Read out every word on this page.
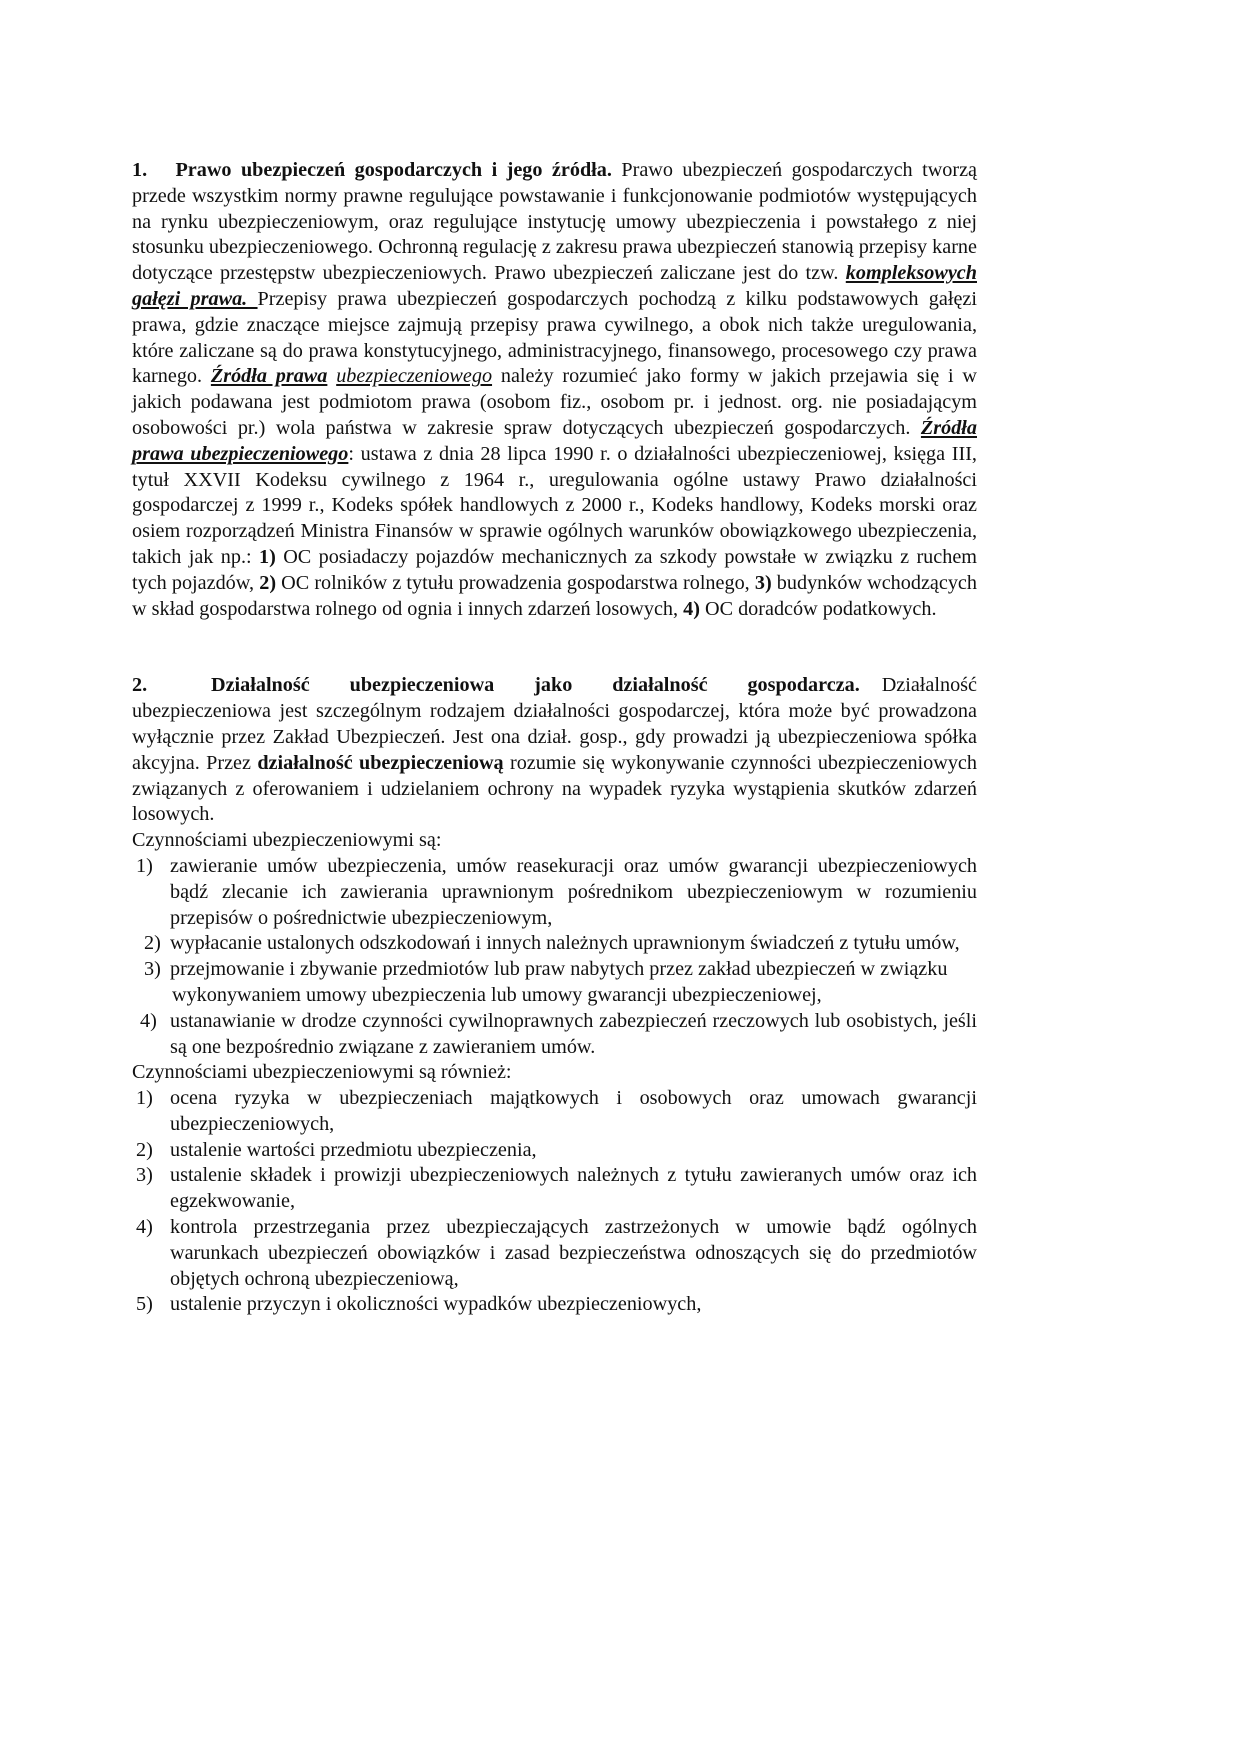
1. Prawo ubezpieczeń gospodarczych i jego źródła. Prawo ubezpieczeń gospodarczych tworzą przede wszystkim normy prawne regulujące powstawanie i funkcjonowanie podmiotów występujących na rynku ubezpieczeniowym, oraz regulujące instytucję umowy ubezpieczenia i powstałego z niej stosunku ubezpieczeniowego. Ochronną regulację z zakresu prawa ubezpieczeń stanowią przepisy karne dotyczące przestępstw ubezpieczeniowych. Prawo ubezpieczeń zaliczane jest do tzw. kompleksowych gałęzi prawa. Przepisy prawa ubezpieczeń gospodarczych pochodzą z kilku podstawowych gałęzi prawa, gdzie znaczące miejsce zajmują przepisy prawa cywilnego, a obok nich także uregulowania, które zaliczane są do prawa konstytucyjnego, administracyjnego, finansowego, procesowego czy prawa karnego. Źródła prawa ubezpieczeniowego należy rozumieć jako formy w jakich przejawia się i w jakich podawana jest podmiotom prawa (osobom fiz., osobom pr. i jednost. org. nie posiadającym osobowości pr.) wola państwa w zakresie spraw dotyczących ubezpieczeń gospodarczych. Źródła prawa ubezpieczeniowego: ustawa z dnia 28 lipca 1990 r. o działalności ubezpieczeniowej, księga III, tytuł XXVII Kodeksu cywilnego z 1964 r., uregulowania ogólne ustawy Prawo działalności gospodarczej z 1999 r., Kodeks spółek handlowych z 2000 r., Kodeks handlowy, Kodeks morski oraz osiem rozporządzeń Ministra Finansów w sprawie ogólnych warunków obowiązkowego ubezpieczenia, takich jak np.: 1) OC posiadaczy pojazdów mechanicznych za szkody powstałe w związku z ruchem tych pojazdów, 2) OC rolników z tytułu prowadzenia gospodarstwa rolnego, 3) budynków wchodzących w skład gospodarstwa rolnego od ognia i innych zdarzeń losowych, 4) OC doradców podatkowych.

2.	Działalność ubezpieczeniowa jako działalność gospodarcza. Działalność ubezpieczeniowa jest szczególnym rodzajem działalności gospodarczej, która może być prowadzona wyłącznie przez Zakład Ubezpieczeń. Jest ona dział. gosp., gdy prowadzi ją ubezpieczeniowa spółka akcyjna. Przez działalność ubezpieczeniową rozumie się wykonywanie czynności ubezpieczeniowych związanych z oferowaniem i udzielaniem ochrony na wypadek ryzyka wystąpienia skutków zdarzeń losowych.

Czynnościami ubezpieczeniowymi są:

1) zawieranie umów ubezpieczenia, umów reasekuracji oraz umów gwarancji ubezpieczeniowych bądź zlecanie ich zawierania uprawnionym pośrednikom ubezpieczeniowym w rozumieniu przepisów o pośrednictwie ubezpieczeniowym,
2) wypłacanie ustalonych odszkodowań i innych należnych uprawnionym świadczeń z tytułu umów,
3) przejmowanie i zbywanie przedmiotów lub praw nabytych przez zakład ubezpieczeń w związku
wykonywaniem umowy ubezpieczenia lub umowy gwarancji ubezpieczeniowej,
4) ustanawianie w drodze czynności cywilnoprawnych zabezpieczeń rzeczowych lub osobistych, jeśli są one bezpośrednio związane z zawieraniem umów.

Czynnościami ubezpieczeniowymi są również:

1) ocena ryzyka w ubezpieczeniach majątkowych i osobowych oraz umowach gwarancji ubezpieczeniowych,
2) ustalenie wartości przedmiotu ubezpieczenia,
3) ustalenie składek i prowizji ubezpieczeniowych należnych z tytułu zawieranych umów oraz ich egzekwowanie,
4) kontrola przestrzegania przez ubezpieczających zastrzeżonych w umowie bądź ogólnych warunkach ubezpieczeń obowiązków i zasad bezpieczeństwa odnoszących się do przedmiotów objętych ochroną ubezpieczeniową,
5) ustalenie przyczyn i okoliczności wypadków ubezpieczeniowych,
